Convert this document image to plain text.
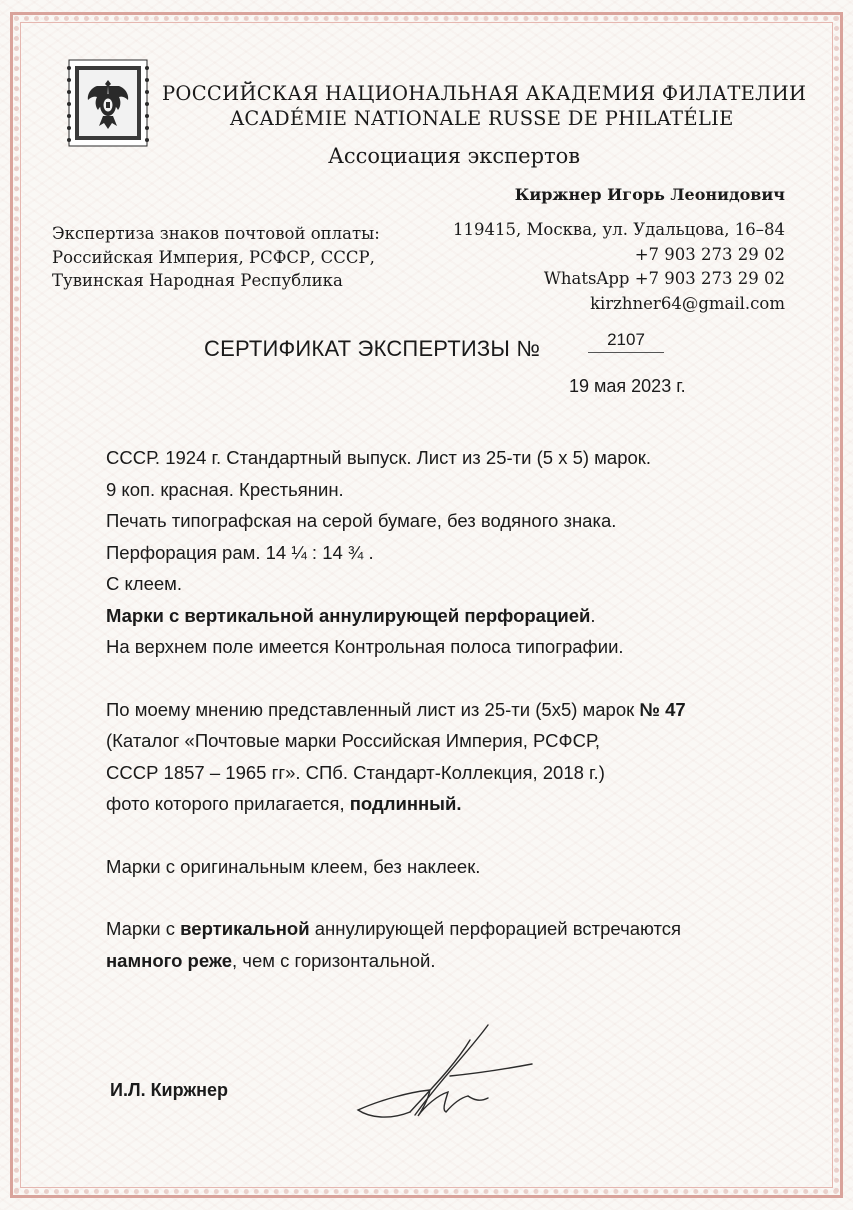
РОССИЙСКАЯ НАЦИОНАЛЬНАЯ АКАДЕМИЯ ФИЛАТЕЛИИ
ACADÉMIE NATIONALE RUSSE DE PHILATÉLIE
Ассоциация экспертов
Киржнер Игорь Леонидович
Экспертиза знаков почтовой оплаты:
Российская Империя, РСФСР, СССР,
Тувинская Народная Республика
119415, Москва, ул. Удальцова, 16–84
+7 903 273 29 02
WhatsApp +7 903 273 29 02
kirzhner64@gmail.com
СЕРТИФИКАТ ЭКСПЕРТИЗЫ №	2107
19 мая 2023 г.

СССР. 1924 г. Стандартный выпуск. Лист из 25-ти (5 х 5) марок.

9 коп. красная. Крестьянин.

Печать типографская на серой бумаге, без водяного знака.

Перфорация рам. 14 ¼ : 14 ¾ .

С клеем.

Марки с вертикальной аннулирующей перфорацией.

На верхнем поле имеется Контрольная полоса типографии.

По моему мнению представленный лист из 25-ти (5х5) марок № 47

(Каталог «Почтовые марки Российская Империя, РСФСР,

СССР 1857 – 1965 гг». СПб. Стандарт-Коллекция, 2018 г.)

фото которого прилагается, подлинный.

Марки с оригинальным клеем, без наклеек.

Марки с вертикальной аннулирующей перфорацией встречаются

намного реже, чем с горизонтальной.

И.Л. Киржнер
